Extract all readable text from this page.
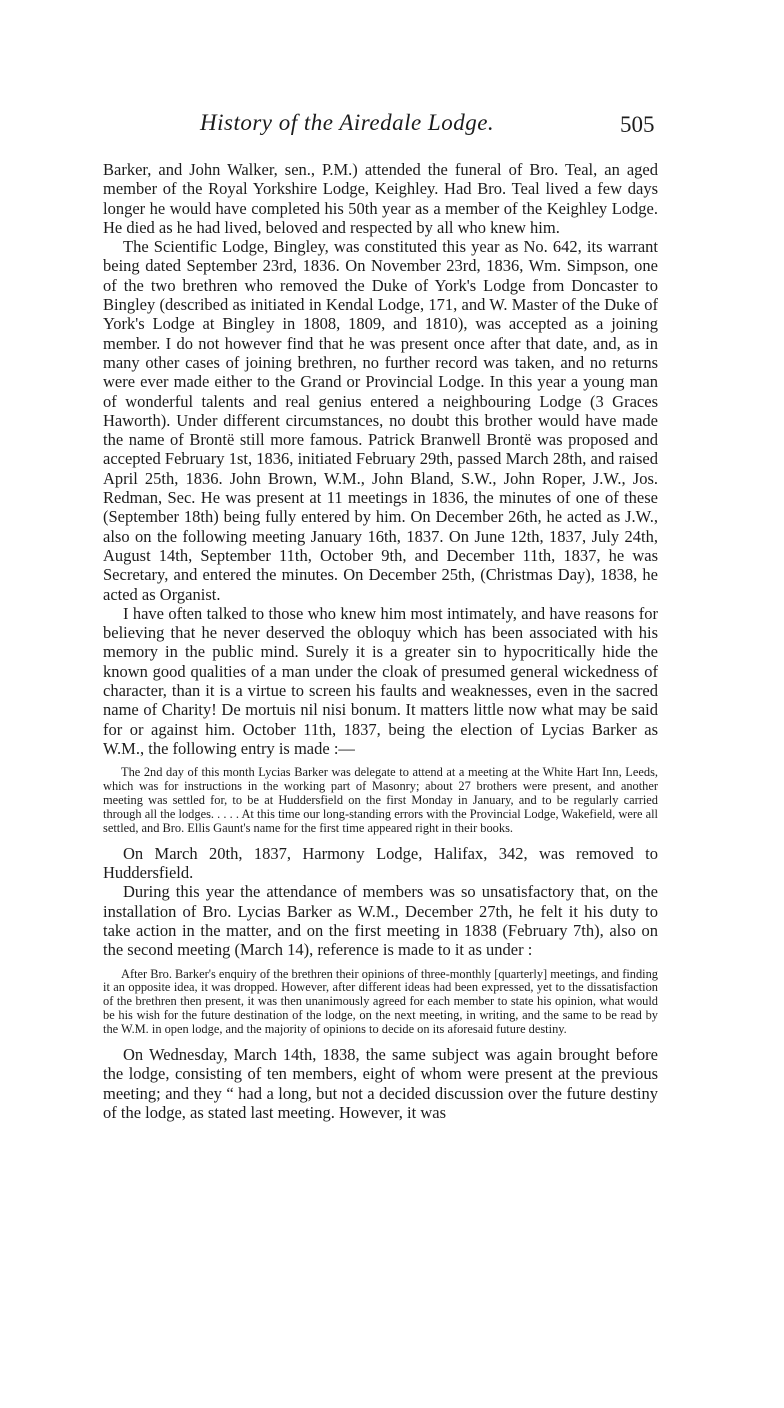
History of the Airedale Lodge.	505

Barker, and John Walker, sen., P.M.) attended the funeral of Bro. Teal, an aged member of the Royal Yorkshire Lodge, Keighley. Had Bro. Teal lived a few days longer he would have completed his 50th year as a member of the Keighley Lodge. He died as he had lived, beloved and respected by all who knew him.

The Scientific Lodge, Bingley, was constituted this year as No. 642, its warrant being dated September 23rd, 1836. On November 23rd, 1836, Wm. Simpson, one of the two brethren who removed the Duke of York's Lodge from Doncaster to Bingley (described as initiated in Kendal Lodge, 171, and W. Master of the Duke of York's Lodge at Bingley in 1808, 1809, and 1810), was accepted as a joining member. I do not however find that he was present once after that date, and, as in many other cases of joining brethren, no further record was taken, and no returns were ever made either to the Grand or Provincial Lodge. In this year a young man of wonderful talents and real genius entered a neighbouring Lodge (3 Graces Haworth). Under different circumstances, no doubt this brother would have made the name of Brontë still more famous. Patrick Branwell Brontë was proposed and accepted February 1st, 1836, initiated February 29th, passed March 28th, and raised April 25th, 1836. John Brown, W.M., John Bland, S.W., John Roper, J.W., Jos. Redman, Sec. He was present at 11 meetings in 1836, the minutes of one of these (September 18th) being fully entered by him. On December 26th, he acted as J.W., also on the following meeting January 16th, 1837. On June 12th, 1837, July 24th, August 14th, September 11th, October 9th, and December 11th, 1837, he was Secretary, and entered the minutes. On December 25th, (Christmas Day), 1838, he acted as Organist.

I have often talked to those who knew him most intimately, and have reasons for believing that he never deserved the obloquy which has been associated with his memory in the public mind. Surely it is a greater sin to hypocritically hide the known good qualities of a man under the cloak of presumed general wickedness of character, than it is a virtue to screen his faults and weaknesses, even in the sacred name of Charity! De mortuis nil nisi bonum. It matters little now what may be said for or against him. October 11th, 1837, being the election of Lycias Barker as W.M., the following entry is made :—

The 2nd day of this month Lycias Barker was delegate to attend at a meeting at the White Hart Inn, Leeds, which was for instructions in the working part of Masonry; about 27 brothers were present, and another meeting was settled for, to be at Huddersfield on the first Monday in January, and to be regularly carried through all the lodges. . . . . At this time our long-standing errors with the Provincial Lodge, Wakefield, were all settled, and Bro. Ellis Gaunt's name for the first time appeared right in their books.

On March 20th, 1837, Harmony Lodge, Halifax, 342, was removed to Huddersfield.

During this year the attendance of members was so unsatisfactory that, on the installation of Bro. Lycias Barker as W.M., December 27th, he felt it his duty to take action in the matter, and on the first meeting in 1838 (February 7th), also on the second meeting (March 14), reference is made to it as under :

After Bro. Barker's enquiry of the brethren their opinions of three-monthly [quarterly] meetings, and finding it an opposite idea, it was dropped. However, after different ideas had been expressed, yet to the dissatisfaction of the brethren then present, it was then unanimously agreed for each member to state his opinion, what would be his wish for the future destination of the lodge, on the next meeting, in writing, and the same to be read by the W.M. in open lodge, and the majority of opinions to decide on its aforesaid future destiny.

On Wednesday, March 14th, 1838, the same subject was again brought before the lodge, consisting of ten members, eight of whom were present at the previous meeting; and they “ had a long, but not a decided discussion over the future destiny of the lodge, as stated last meeting. However, it was
